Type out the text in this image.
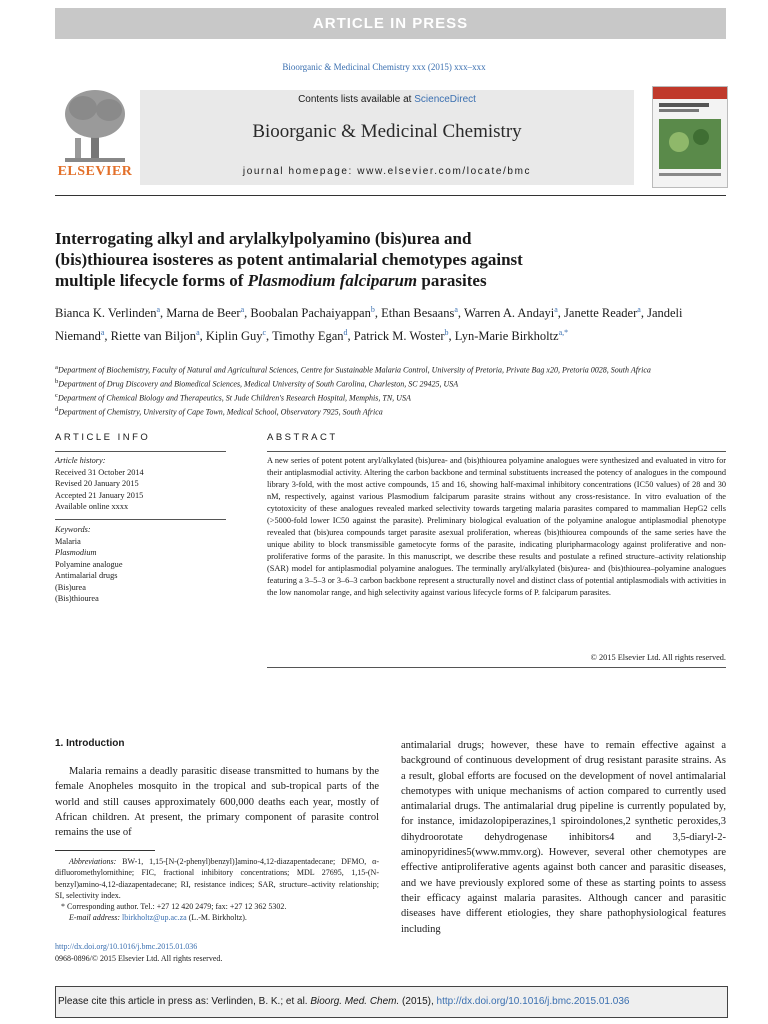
ARTICLE IN PRESS
Bioorganic & Medicinal Chemistry xxx (2015) xxx–xxx
ELSEVIER
Contents lists available at ScienceDirect
Bioorganic & Medicinal Chemistry
journal homepage: www.elsevier.com/locate/bmc
Interrogating alkyl and arylalkylpolyamino (bis)urea and
(bis)thiourea isosteres as potent antimalarial chemotypes against
multiple lifecycle forms of Plasmodium falciparum parasites
Bianca K. Verlinden$^a$, Marna de Beer$^a$, Boobalan Pachaiyappan$^b$, Ethan Besaans$^a$, Warren A. Andayi$^a$, Janette Reader$^a$, Jandeli Niemand$^a$, Riette van Biljon$^a$, Kiplin Guy$^c$, Timothy Egan$^d$, Patrick M. Woster$^b$, Lyn-Marie Birkholtz$^{a,*}$
$^a$Department of Biochemistry, Faculty of Natural and Agricultural Sciences, Centre for Sustainable Malaria Control, University of Pretoria, Private Bag x20, Pretoria 0028, South Africa
$^b$Department of Drug Discovery and Biomedical Sciences, Medical University of South Carolina, Charleston, SC 29425, USA
$^c$Department of Chemical Biology and Therapeutics, St Jude Children's Research Hospital, Memphis, TN, USA
$^d$Department of Chemistry, University of Cape Town, Medical School, Observatory 7925, South Africa
ARTICLE INFO	ABSTRACT
Article history:
Received 31 October 2014
Revised 20 January 2015
Accepted 21 January 2015
Available online xxxx
Keywords:
Malaria
Plasmodium
Polyamine analogue
Antimalarial drugs
(Bis)urea
(Bis)thiourea
A new series of potent potent aryl/alkylated (bis)urea- and (bis)thiourea polyamine analogues were synthesized and evaluated in vitro for their antiplasmodial activity. Altering the carbon backbone and terminal substituents increased the potency of analogues in the compound library 3-fold, with the most active compounds, 15 and 16, showing half-maximal inhibitory concentrations (IC50 values) of 28 and 30 nM, respectively, against various Plasmodium falciparum parasite strains without any cross-resistance. In vitro evaluation of the cytotoxicity of these analogues revealed marked selectivity towards targeting malaria parasites compared to mammalian HepG2 cells (>5000-fold lower IC50 against the parasite). Preliminary biological evaluation of the polyamine analogue antiplasmodial phenotype revealed that (bis)urea compounds target parasite asexual proliferation, whereas (bis)thiourea compounds of the same series have the unique ability to block transmissible gametocyte forms of the parasite, indicating pluripharmacology against proliferative and non-proliferative forms of the parasite. In this manuscript, we describe these results and postulate a refined structure–activity relationship (SAR) model for antiplasmodial polyamine analogues. The terminally aryl/alkylated (bis)urea- and (bis)thiourea–polyamine analogues featuring a 3–5–3 or 3–6–3 carbon backbone represent a structurally novel and distinct class of potential antiplasmodials with activities in the low nanomolar range, and high selectivity against various lifecycle forms of P. falciparum parasites.
© 2015 Elsevier Ltd. All rights reserved.
1. Introduction
Malaria remains a deadly parasitic disease transmitted to humans by the female Anopheles mosquito in the tropical and sub-tropical parts of the world and still causes approximately 600,000 deaths each year, mostly of African children. At present, the primary component of parasite control remains the use of
antimalarial drugs; however, these have to remain effective against a background of continuous development of drug resistant parasite strains. As a result, global efforts are focused on the development of novel antimalarial chemotypes with unique mechanisms of action compared to currently used antimalarial drugs. The antimalarial drug pipeline is currently populated by, for instance, imidazolopiperazines,1 spiroindolones,2 synthetic peroxides,3 dihydroorotate dehydrogenase inhibitors4 and 3,5-diaryl-2-aminopyridines5(www.mmv.org). However, several other chemotypes are effective antiproliferative agents against both cancer and parasitic diseases, and we have previously explored some of these as starting points to assess their efficacy against malaria parasites. Although cancer and parasitic diseases have different etiologies, they share pathophysiological features including
Abbreviations: BW-1, 1,15-[N-(2-phenyl)benzyl)]amino-4,12-diazapentadecane; DFMO, α-difluoromethylornithine; FIC, fractional inhibitory concentrations; MDL 27695, 1,15-(N-benzyl)amino-4,12-diazapentadecane; RI, resistance indices; SAR, structure–activity relationship; SI, selectivity index.
* Corresponding author. Tel.: +27 12 420 2479; fax: +27 12 362 5302.
E-mail address: lbirkholtz@up.ac.za (L.-M. Birkholtz).
http://dx.doi.org/10.1016/j.bmc.2015.01.036
0968-0896/© 2015 Elsevier Ltd. All rights reserved.
Please cite this article in press as: Verlinden, B. K.; et al. Bioorg. Med. Chem. (2015), http://dx.doi.org/10.1016/j.bmc.2015.01.036
